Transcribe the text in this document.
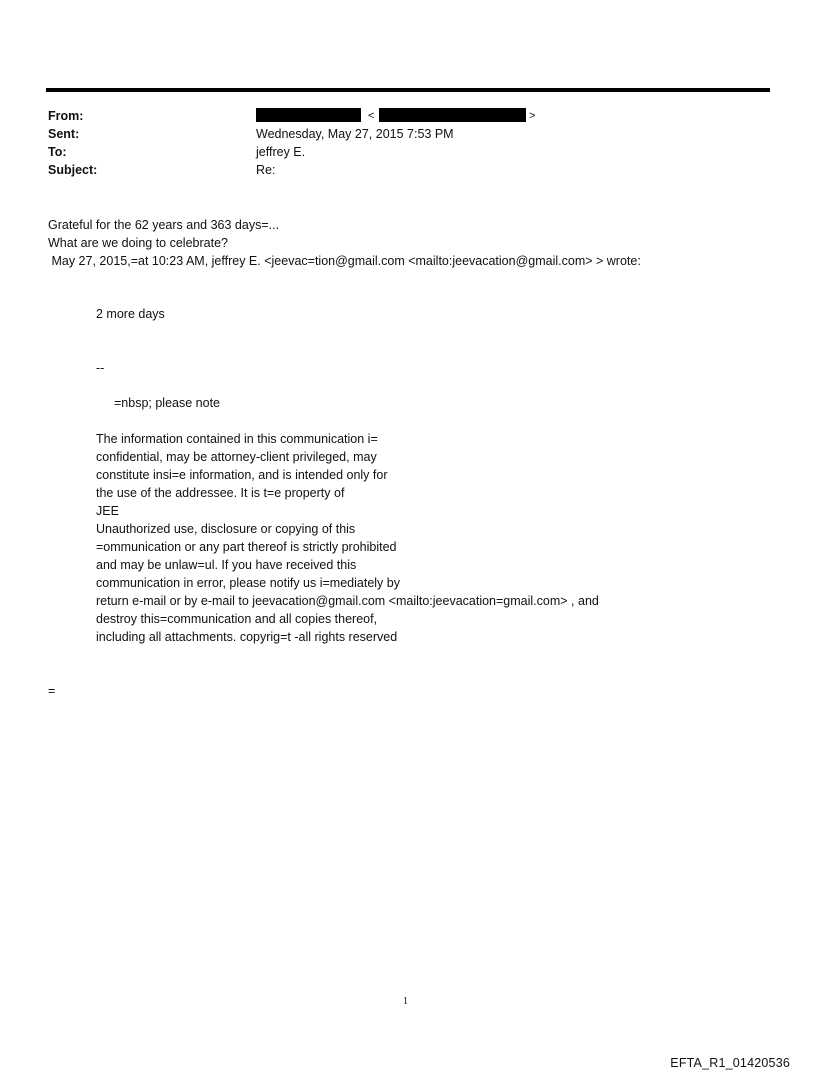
From:
Sent:
To:
Subject:
<	>
Wednesday, May 27, 2015 7:53 PM
jeffrey E.
Re:
Grateful for the 62 years and 363 days=...
What are we doing to celebrate?
May 27, 2015,=at 10:23 AM, jeffrey E. <jeevac=tion@gmail.com <mailto:jeevacation@gmail.com> > wrote:
2 more days
--
=nbsp; please note
The information contained in this communication i=
confidential, may be attorney-client privileged, may
constitute insi=e information, and is intended only for
the use of the addressee. It is t=e property of
JEE
Unauthorized use, disclosure or copying of this
=ommunication or any part thereof is strictly prohibited
and may be unlaw=ul. If you have received this
communication in error, please notify us i=mediately by
return e-mail or by e-mail to jeevacation@gmail.com <mailto:jeevacation=gmail.com> , and
destroy this=communication and all copies thereof,
including all attachments. copyrig=t -all rights reserved
=
1
EFTA_R1_01420536
